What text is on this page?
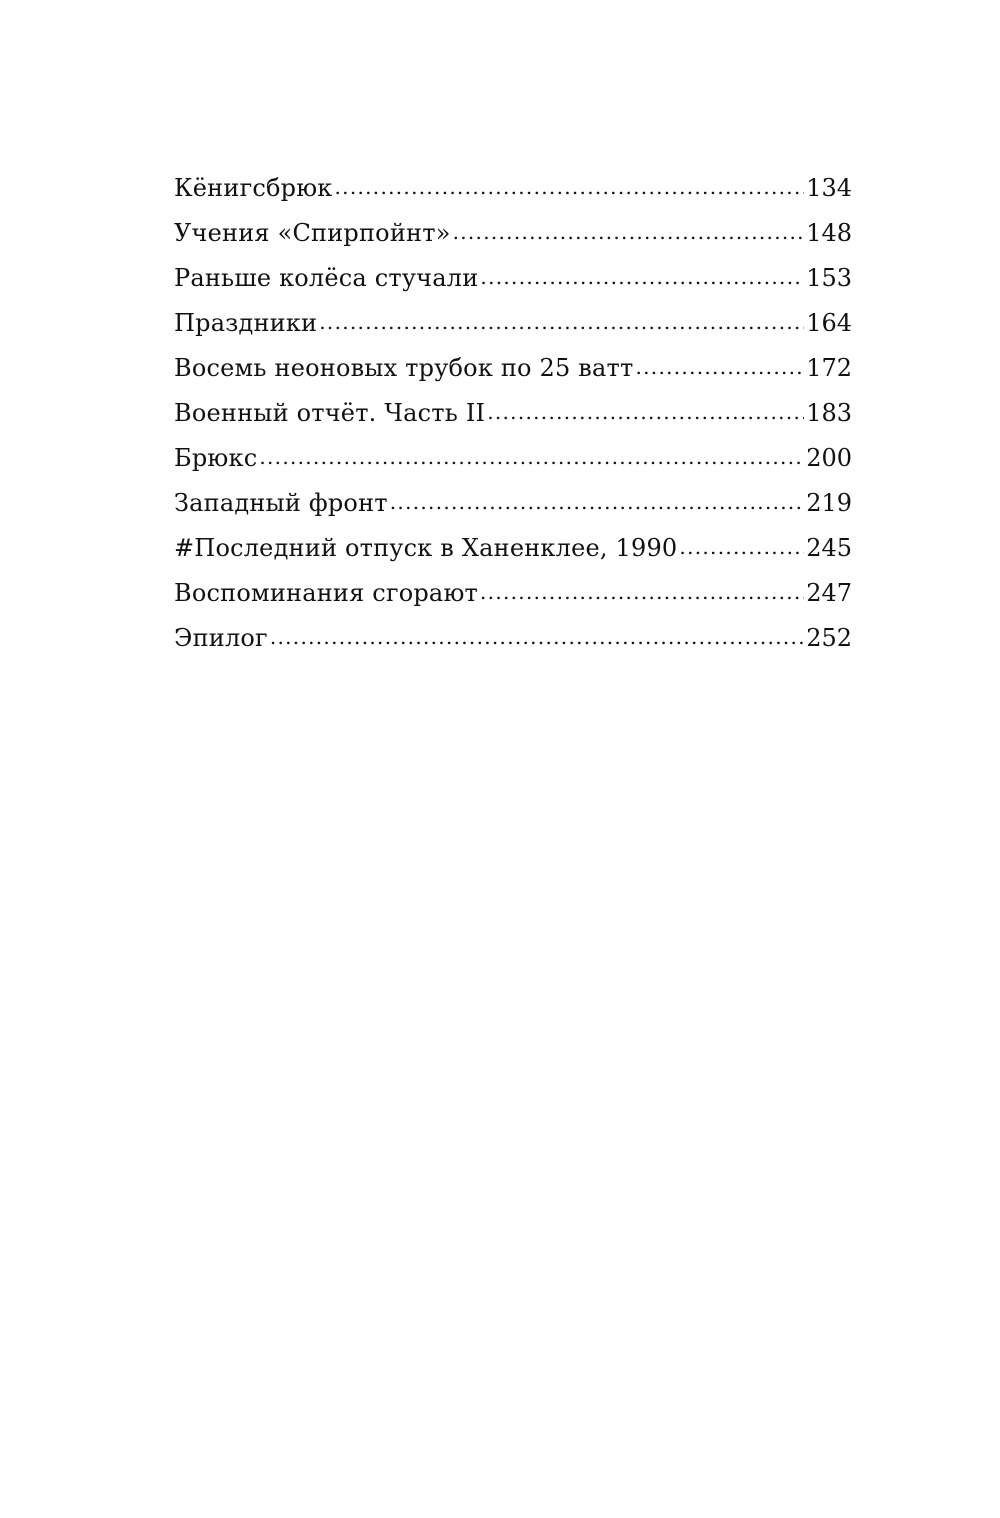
Кёнигсбрюк .....	134
Учения «Спирпойнт» .....	148
Раньше колёса стучали .....	153
Праздники .....	164
Восемь неоновых трубок по 25 ватт .....	172
Военный отчёт. Часть II .....	183
Брюкс .....	200
Западный фронт .....	219
#Последний отпуск в Ханенклее, 1990 .....	245
Воспоминания сгорают .....	247
Эпилог .....	252
